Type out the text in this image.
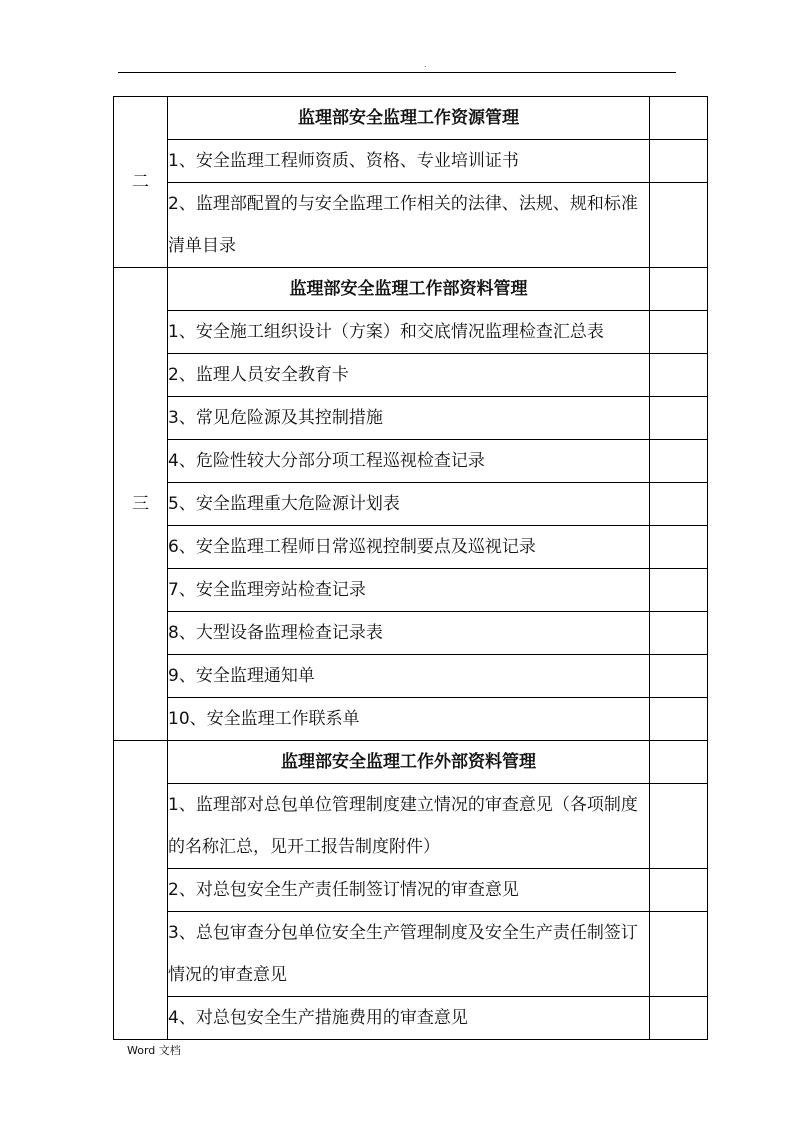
.
二	监理部安全监理工作资源管理	
	1、安全监理工程师资质、资格、专业培训证书	
	2、监理部配置的与安全监理工作相关的法律、法规、规和标准清单目录	
三	监理部安全监理工作部资料管理	
	1、安全施工组织设计（方案）和交底情况监理检查汇总表	
	2、监理人员安全教育卡	
	3、常见危险源及其控制措施	
	4、危险性较大分部分项工程巡视检查记录	
	5、安全监理重大危险源计划表	
	6、安全监理工程师日常巡视控制要点及巡视记录	
	7、安全监理旁站检查记录	
	8、大型设备监理检查记录表	
	9、安全监理通知单	
	10、安全监理工作联系单	
	监理部安全监理工作外部资料管理	
	1、监理部对总包单位管理制度建立情况的审查意见（各项制度的名称汇总，见开工报告制度附件）	
	2、对总包安全生产责任制签订情况的审查意见	
	3、总包审查分包单位安全生产管理制度及安全生产责任制签订情况的审查意见	
	4、对总包安全生产措施费用的审查意见	
Word 文档
